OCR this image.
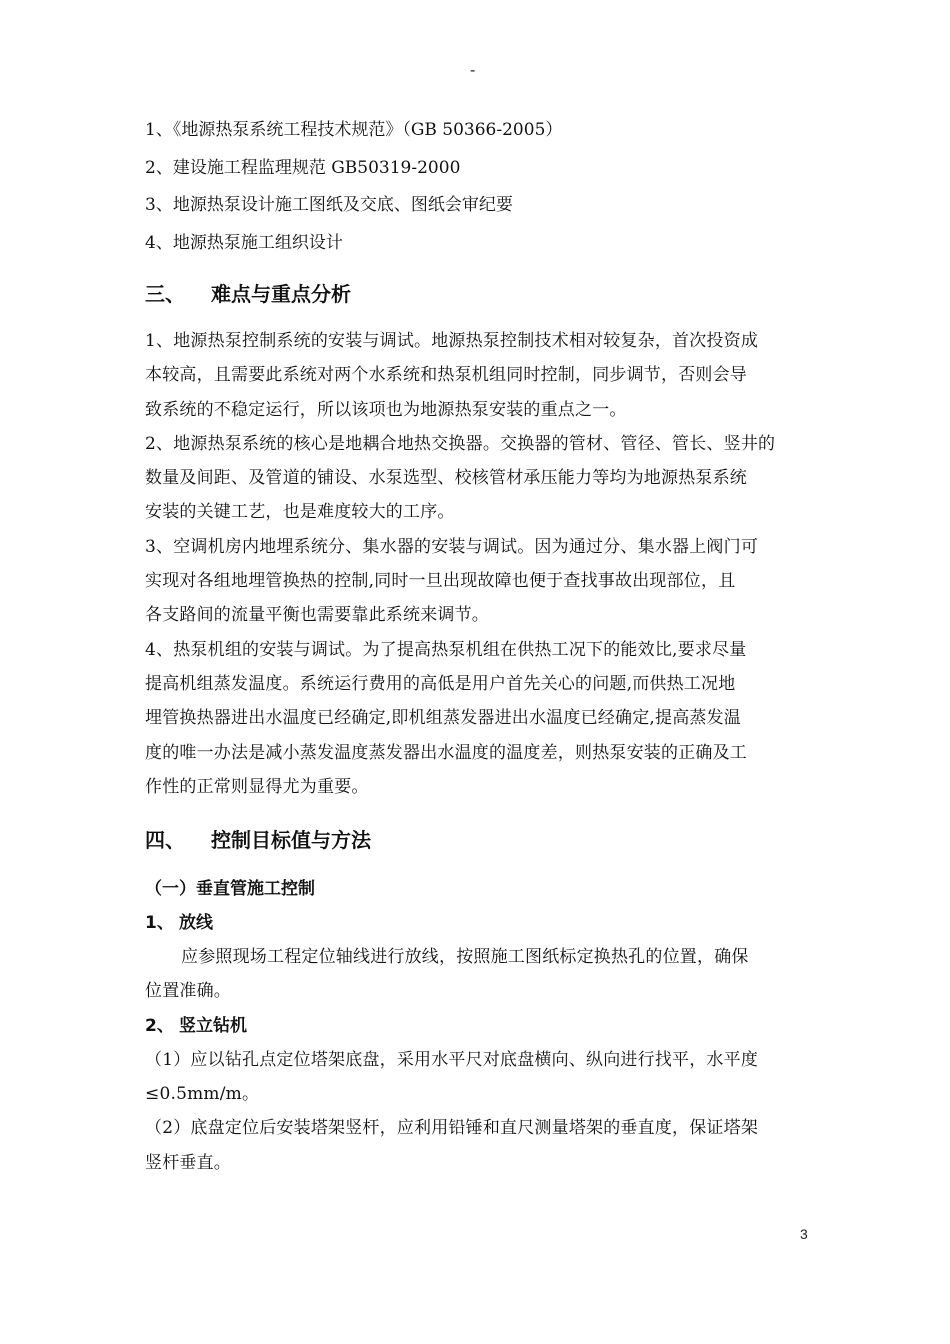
-

1、《地源热泵系统工程技术规范》（GB 50366-2005）

2、建设施工程监理规范 GB50319-2000

3、地源热泵设计施工图纸及交底、图纸会审纪要

4、地源热泵施工组织设计

三、	难点与重点分析

1、地源热泵控制系统的安装与调试。地源热泵控制技术相对较复杂，首次投资成

本较高，且需要此系统对两个水系统和热泵机组同时控制，同步调节，否则会导

致系统的不稳定运行，所以该项也为地源热泵安装的重点之一。

2、地源热泵系统的核心是地耦合地热交换器。交换器的管材、管径、管长、竖井的

数量及间距、及管道的铺设、水泵选型、校核管材承压能力等均为地源热泵系统

安装的关键工艺，也是难度较大的工序。

3、空调机房内地埋系统分、集水器的安装与调试。因为通过分、集水器上阀门可

实现对各组地埋管换热的控制,同时一旦出现故障也便于查找事故出现部位，且

各支路间的流量平衡也需要靠此系统来调节。

4、热泵机组的安装与调试。为了提高热泵机组在供热工况下的能效比,要求尽量

提高机组蒸发温度。系统运行费用的高低是用户首先关心的问题,而供热工况地

埋管换热器进出水温度已经确定,即机组蒸发器进出水温度已经确定,提高蒸发温

度的唯一办法是减小蒸发温度蒸发器出水温度的温度差，则热泵安装的正确及工

作性的正常则显得尤为重要。

四、	控制目标值与方法
（一）垂直管施工控制
1、 放线

应参照现场工程定位轴线进行放线，按照施工图纸标定换热孔的位置，确保

位置准确。

2、 竖立钻机

（1）应以钻孔点定位塔架底盘，采用水平尺对底盘横向、纵向进行找平，水平度

≤0.5mm/m。

（2）底盘定位后安装塔架竖杆，应利用铅锤和直尺测量塔架的垂直度，保证塔架

竖杆垂直。

3
